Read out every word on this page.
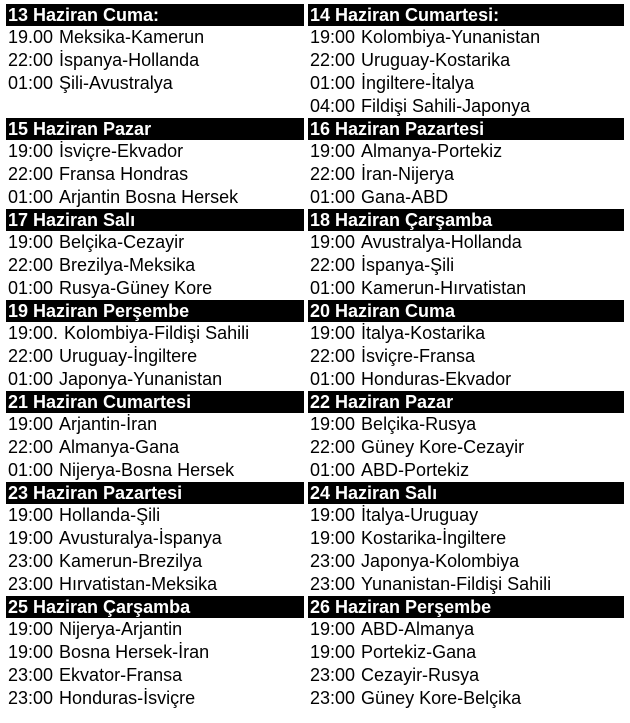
13 Haziran Cuma:
19.00 Meksika-Kamerun
22:00 İspanya-Hollanda
01:00 Şili-Avustralya
14 Haziran Cumartesi:
19:00 Kolombiya-Yunanistan
22:00 Uruguay-Kostarika
01:00 İngiltere-İtalya
04:00 Fildişi Sahili-Japonya
15 Haziran Pazar
19:00 İsviçre-Ekvador
22:00 Fransa Hondras
01:00 Arjantin Bosna Hersek
16 Haziran Pazartesi
19:00 Almanya-Portekiz
22:00 İran-Nijerya
01:00 Gana-ABD
17 Haziran Salı
19:00 Belçika-Cezayir
22:00 Brezilya-Meksika
01:00 Rusya-Güney Kore
18 Haziran Çarşamba
19:00 Avustralya-Hollanda
22:00 İspanya-Şili
01:00 Kamerun-Hırvatistan
19 Haziran Perşembe
19:00. Kolombiya-Fildişi Sahili
22:00 Uruguay-İngiltere
01:00 Japonya-Yunanistan
20 Haziran Cuma
19:00 İtalya-Kostarika
22:00 İsviçre-Fransa
01:00 Honduras-Ekvador
21 Haziran Cumartesi
19:00 Arjantin-İran
22:00 Almanya-Gana
01:00 Nijerya-Bosna Hersek
22 Haziran Pazar
19:00 Belçika-Rusya
22:00 Güney Kore-Cezayir
01:00 ABD-Portekiz
23 Haziran Pazartesi
19:00 Hollanda-Şili
19:00 Avusturalya-İspanya
23:00 Kamerun-Brezilya
23:00 Hırvatistan-Meksika
24 Haziran Salı
19:00 İtalya-Uruguay
19:00 Kostarika-İngiltere
23:00 Japonya-Kolombiya
23:00 Yunanistan-Fildişi Sahili
25 Haziran Çarşamba
19:00 Nijerya-Arjantin
19:00 Bosna Hersek-İran
23:00 Ekvator-Fransa
23:00 Honduras-İsviçre
26 Haziran Perşembe
19:00 ABD-Almanya
19:00 Portekiz-Gana
23:00 Cezayir-Rusya
23:00 Güney Kore-Belçika
